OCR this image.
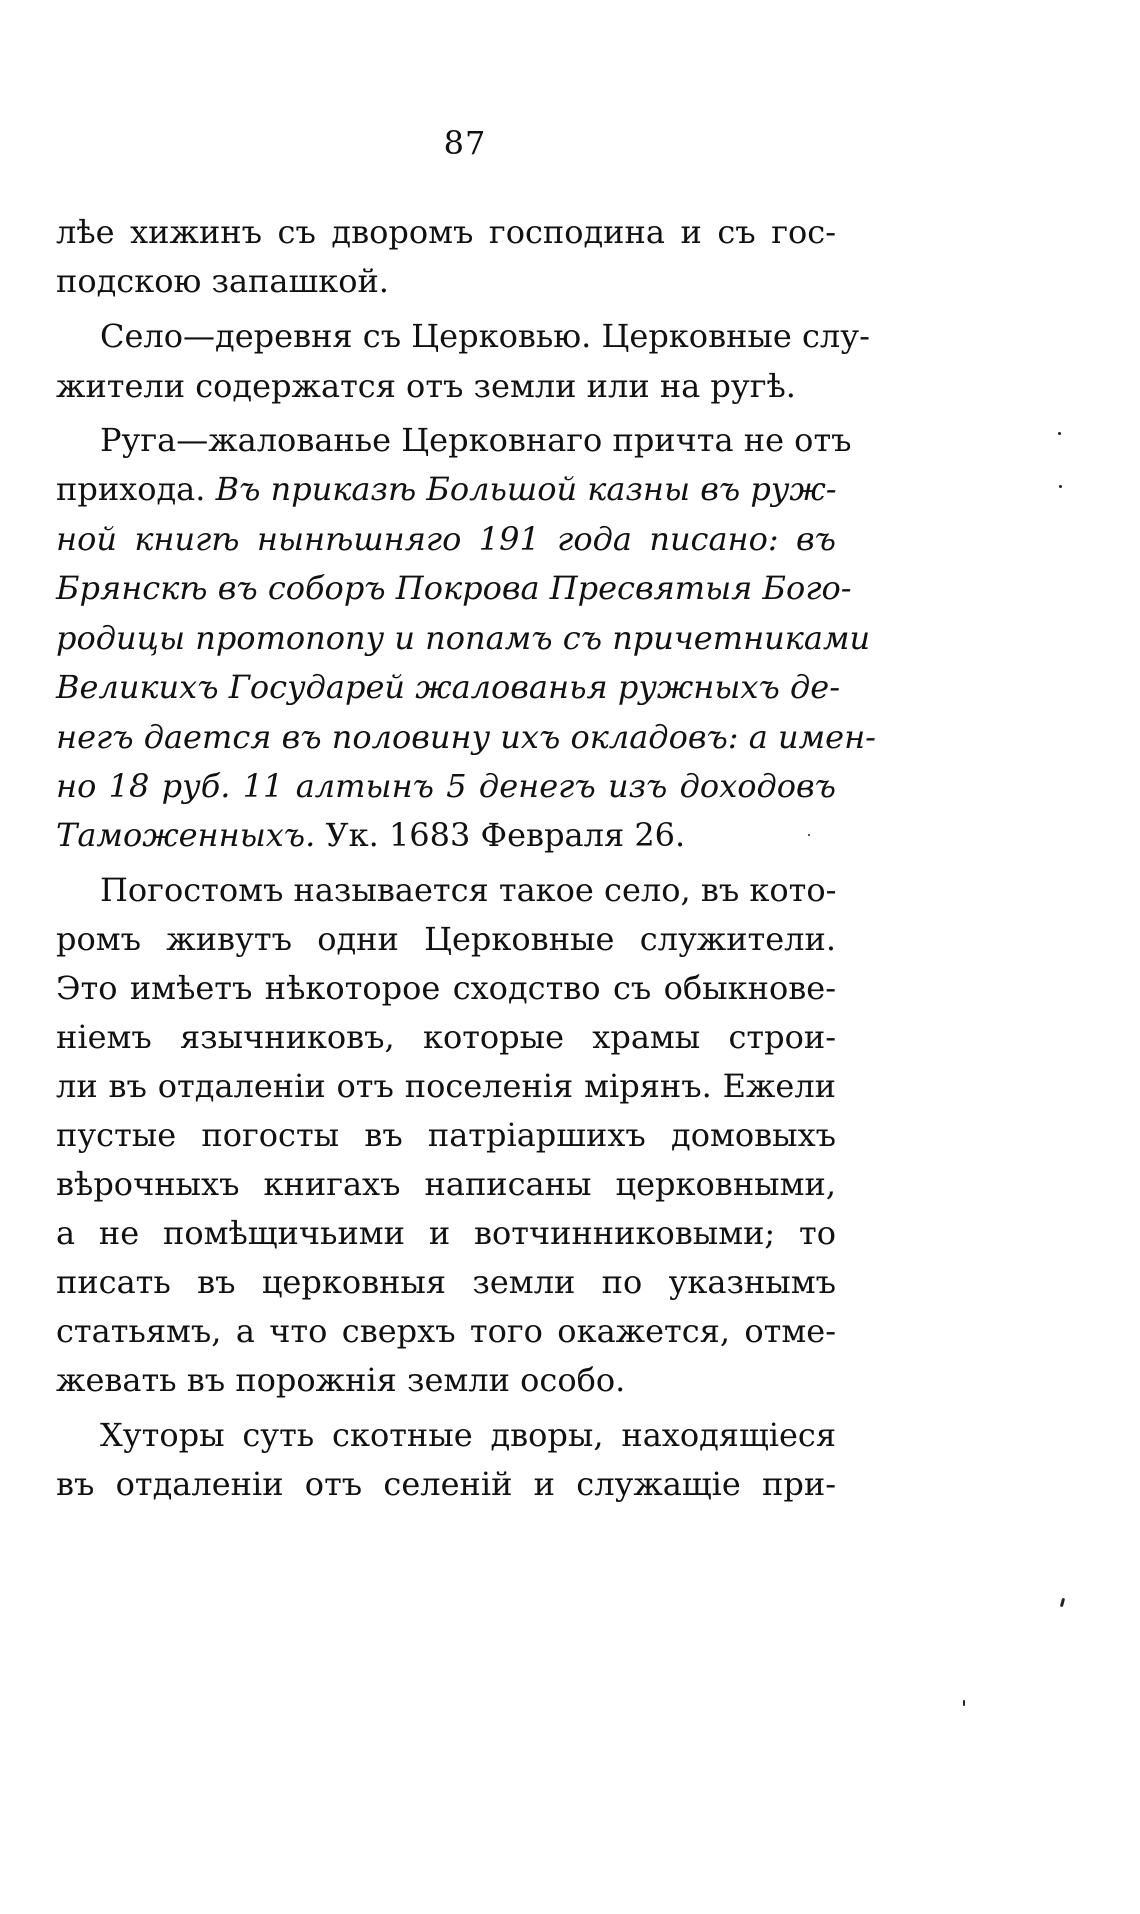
87
лѣе хижинъ съ дворомъ господина и съ гос-
подскою запашкой.
Село—деревня съ Церковью. Церковные слу-
жители содержатся отъ земли или на ругѣ.
Руга—жалованье Церковнаго причта не отъ
прихода. Въ приказѣ Большой казны въ руж-
ной книгѣ нынѣшняго 191 года писано: въ
Брянскѣ въ соборъ Покрова Пресвятыя Бого-
родицы протопопу и попамъ съ причетниками
Великихъ Государей жалованья ружныхъ де-
негъ дается въ половину ихъ окладовъ: а имен-
но 18 руб. 11 алтынъ 5 денегъ изъ доходовъ
Таможенныхъ. Ук. 1683 Февраля 26.
Погостомъ называется такое село, въ кото-
ромъ живутъ одни Церковные служители.
Это имѣетъ нѣкоторое сходство съ обыкнове-
ніемъ язычниковъ, которые храмы строи-
ли въ отдаленіи отъ поселенія мірянъ. Ежели
пустые погосты въ патріаршихъ домовыхъ
вѣрочныхъ книгахъ написаны церковными,
а не помѣщичьими и вотчинниковыми; то
писать въ церковныя земли по указнымъ
статьямъ, а что сверхъ того окажется, отме-
жевать въ порожнія земли особо.
Хуторы суть скотные дворы, находящіеся
въ отдаленіи отъ селеній и служащіе при-
